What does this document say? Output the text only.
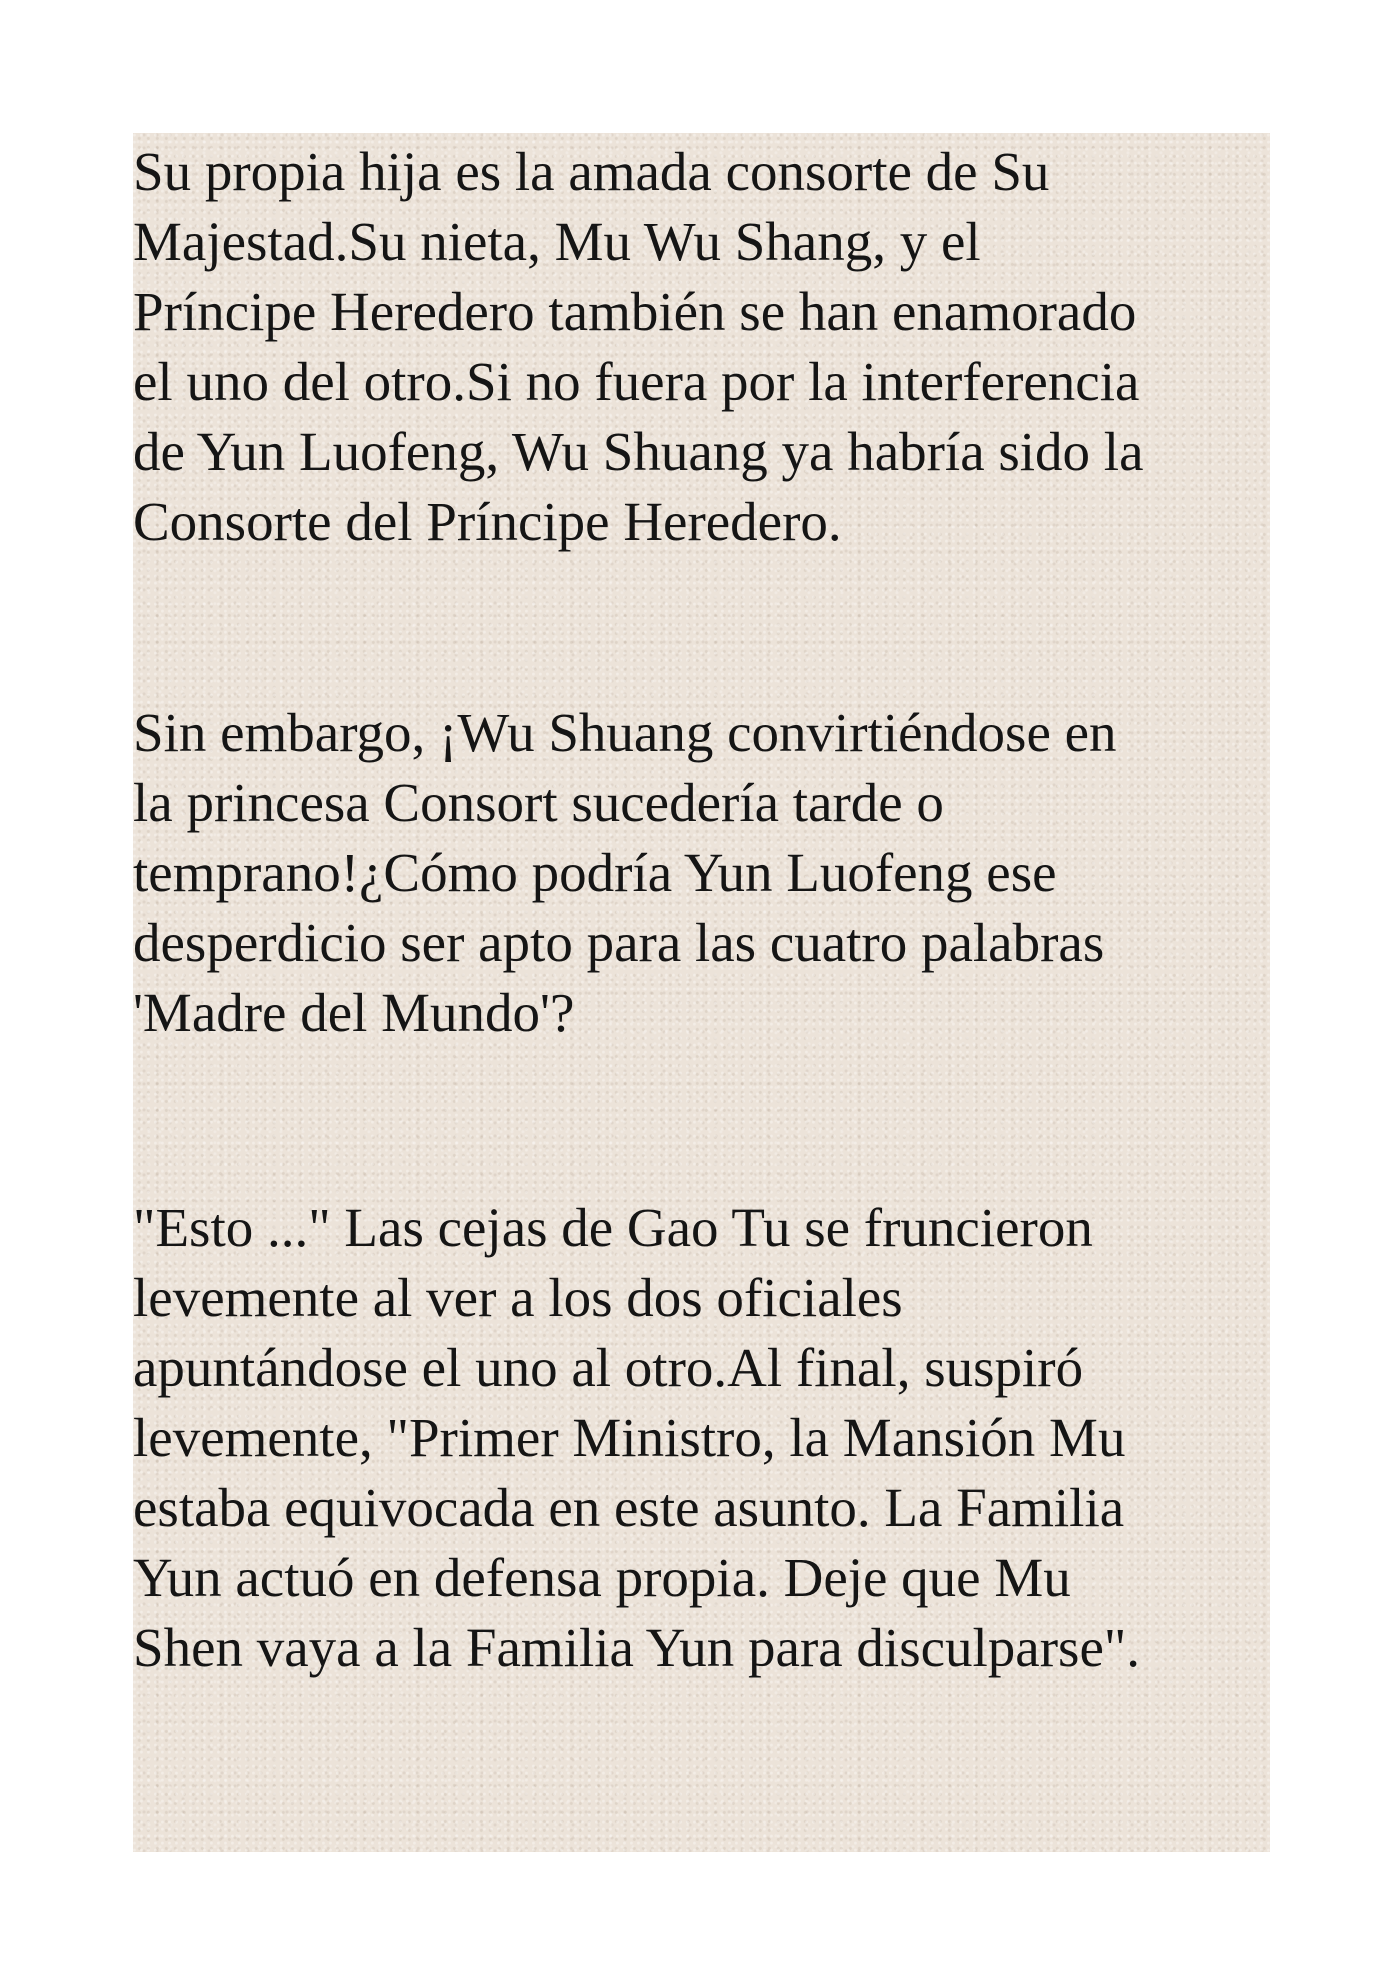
Su propia hija es la amada consorte de Su
Majestad.Su nieta, Mu Wu Shang, y el
Príncipe Heredero también se han enamorado
el uno del otro.Si no fuera por la interferencia
de Yun Luofeng, Wu Shuang ya habría sido la
Consorte del Príncipe Heredero.

Sin embargo, ¡Wu Shuang convirtiéndose en
la princesa Consort sucedería tarde o
temprano!¿Cómo podría Yun Luofeng ese
desperdicio ser apto para las cuatro palabras
'Madre del Mundo'?

"Esto ..." Las cejas de Gao Tu se fruncieron
levemente al ver a los dos oficiales
apuntándose el uno al otro.Al final, suspiró
levemente, "Primer Ministro, la Mansión Mu
estaba equivocada en este asunto. La Familia
Yun actuó en defensa propia. Deje que Mu
Shen vaya a la Familia Yun para disculparse".
